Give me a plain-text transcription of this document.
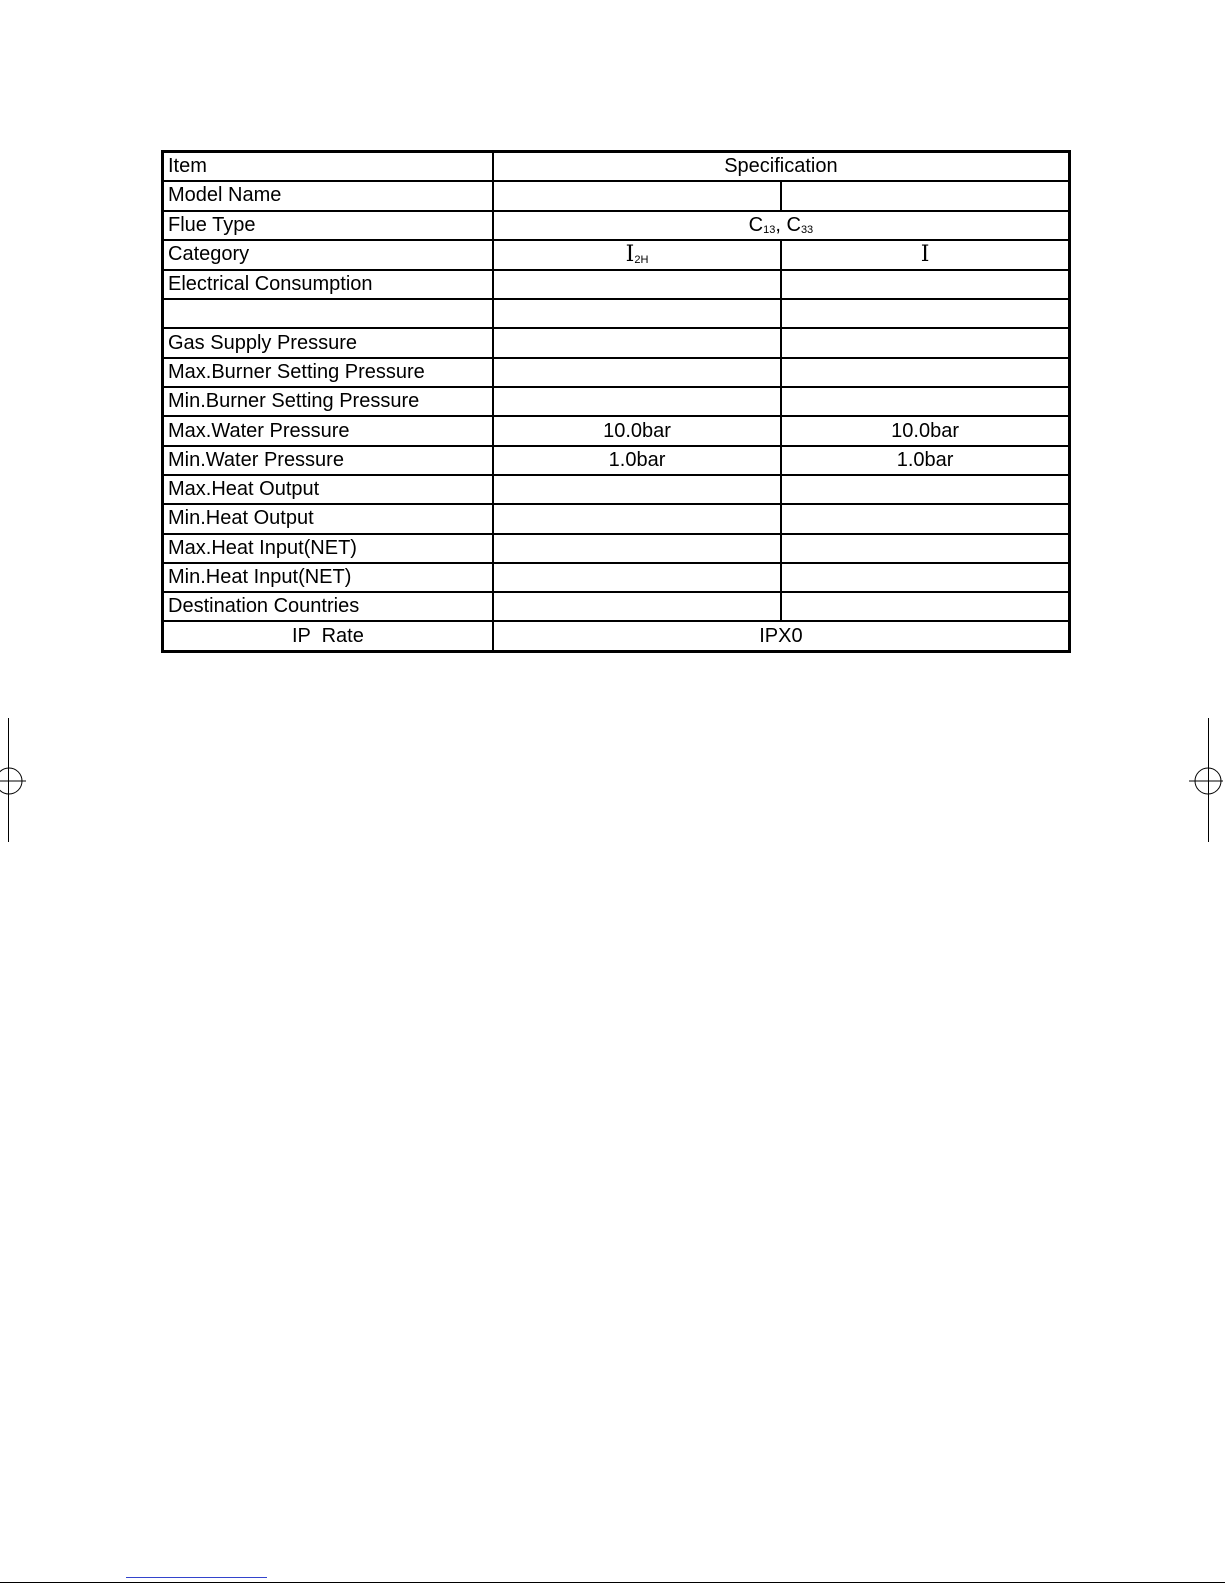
Item	Specification	
Model Name		
Flue Type	$C_{13}$, $C_{33}$
Category	$I_{2H}$	I
Electrical Consumption		

Gas Supply Pressure		
Max.Burner Setting Pressure		
Min.Burner Setting Pressure		
Max.Water Pressure	10.0bar	10.0bar
Min.Water Pressure	1.0bar	1.0bar
Max.Heat Output		
Min.Heat Output		
Max.Heat Input(NET)		
Min.Heat Input(NET)		
Destination Countries		
IP  Rate	IPX0	
